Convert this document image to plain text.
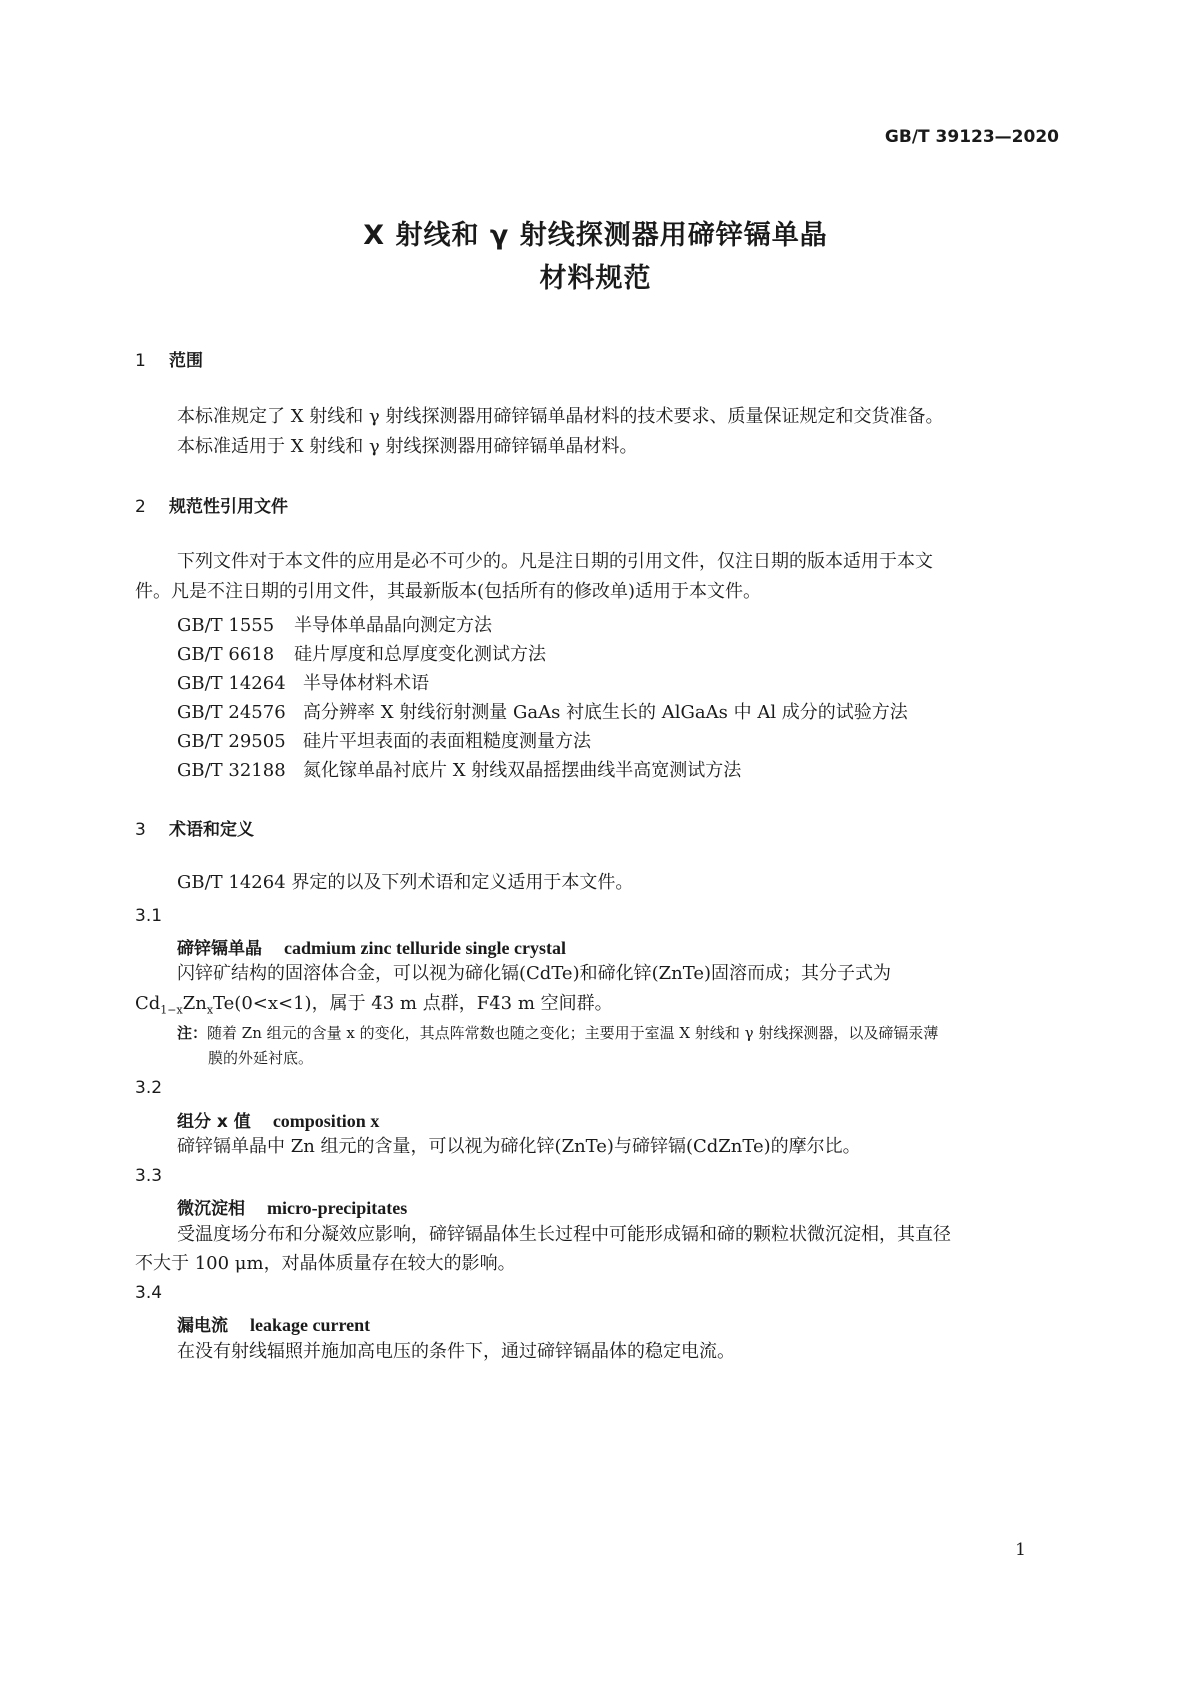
GB/T 39123—2020
X 射线和 γ 射线探测器用碲锌镉单晶
材料规范
1 范围
本标准规定了 X 射线和 γ 射线探测器用碲锌镉单晶材料的技术要求、质量保证规定和交货准备。
本标准适用于 X 射线和 γ 射线探测器用碲锌镉单晶材料。
2 规范性引用文件
下列文件对于本文件的应用是必不可少的。凡是注日期的引用文件，仅注日期的版本适用于本文
件。凡是不注日期的引用文件，其最新版本(包括所有的修改单)适用于本文件。
GB/T 1555 半导体单晶晶向测定方法
GB/T 6618 硅片厚度和总厚度变化测试方法
GB/T 14264 半导体材料术语
GB/T 24576 高分辨率 X 射线衍射测量 GaAs 衬底生长的 AlGaAs 中 Al 成分的试验方法
GB/T 29505 硅片平坦表面的表面粗糙度测量方法
GB/T 32188 氮化镓单晶衬底片 X 射线双晶摇摆曲线半高宽测试方法
3 术语和定义
GB/T 14264 界定的以及下列术语和定义适用于本文件。
3.1
碲锌镉单晶 cadmium zinc telluride single crystal
闪锌矿结构的固溶体合金，可以视为碲化镉(CdTe)和碲化锌(ZnTe)固溶而成；其分子式为
$Cd_{1-x}Zn_xTe(0<x<1)$，属于 4̄3 m 点群，F4̄3 m 空间群。
注：随着 Zn 组元的含量 x 的变化，其点阵常数也随之变化；主要用于室温 X 射线和 γ 射线探测器，以及碲镉汞薄
膜的外延衬底。
3.2
组分 x 值 composition x
碲锌镉单晶中 Zn 组元的含量，可以视为碲化锌(ZnTe)与碲锌镉(CdZnTe)的摩尔比。
3.3
微沉淀相 micro-precipitates
受温度场分布和分凝效应影响，碲锌镉晶体生长过程中可能形成镉和碲的颗粒状微沉淀相，其直径
不大于 100 μm，对晶体质量存在较大的影响。
3.4
漏电流 leakage current
在没有射线辐照并施加高电压的条件下，通过碲锌镉晶体的稳定电流。
1
